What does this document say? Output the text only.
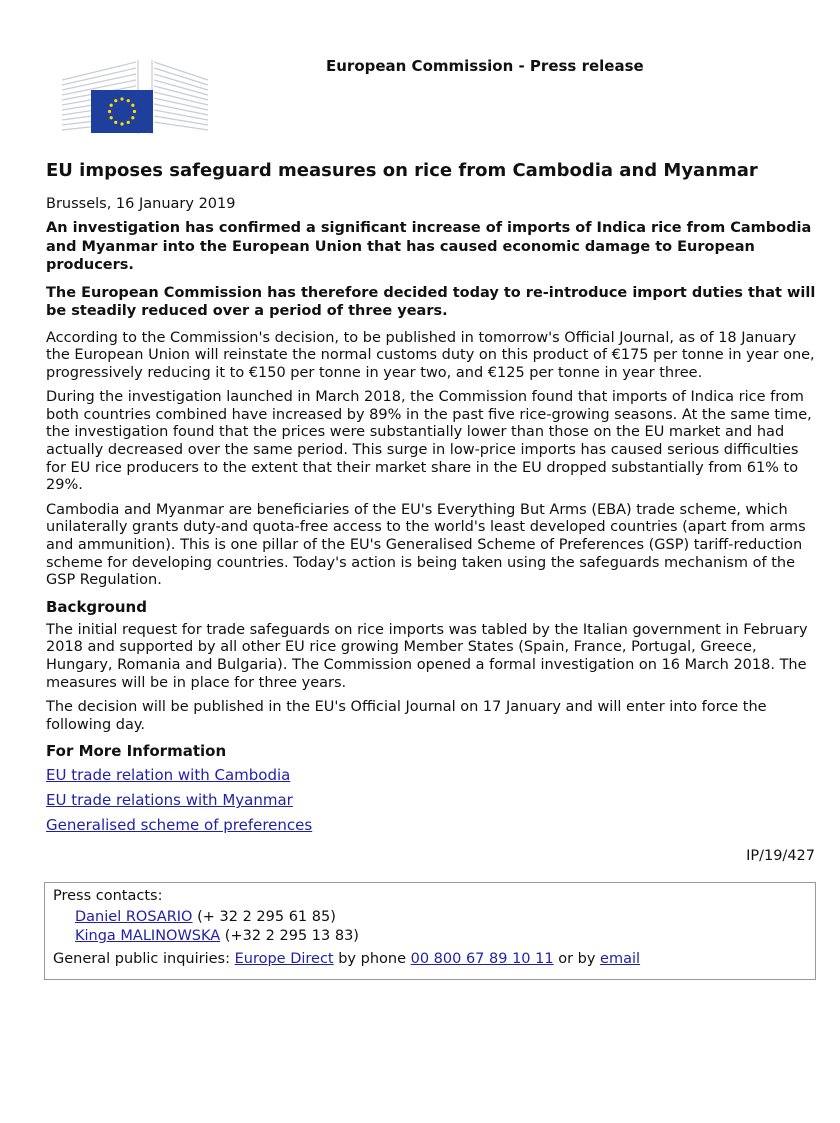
European Commission - Press release
EU imposes safeguard measures on rice from Cambodia and Myanmar

Brussels, 16 January 2019

An investigation has confirmed a significant increase of imports of Indica rice from Cambodia and Myanmar into the European Union that has caused economic damage to European producers.

The European Commission has therefore decided today to re-introduce import duties that will be steadily reduced over a period of three years.

According to the Commission's decision, to be published in tomorrow's Official Journal, as of 18 January the European Union will reinstate the normal customs duty on this product of €175 per tonne in year one, progressively reducing it to €150 per tonne in year two, and €125 per tonne in year three.

During the investigation launched in March 2018, the Commission found that imports of Indica rice from both countries combined have increased by 89% in the past five rice-growing seasons. At the same time, the investigation found that the prices were substantially lower than those on the EU market and had actually decreased over the same period. This surge in low-price imports has caused serious difficulties for EU rice producers to the extent that their market share in the EU dropped substantially from 61% to 29%.

Cambodia and Myanmar are beneficiaries of the EU's Everything But Arms (EBA) trade scheme, which unilaterally grants duty-and quota-free access to the world's least developed countries (apart from arms and ammunition). This is one pillar of the EU's Generalised Scheme of Preferences (GSP) tariff-reduction scheme for developing countries. Today's action is being taken using the safeguards mechanism of the GSP Regulation.

Background

The initial request for trade safeguards on rice imports was tabled by the Italian government in February 2018 and supported by all other EU rice growing Member States (Spain, France, Portugal, Greece, Hungary, Romania and Bulgaria). The Commission opened a formal investigation on 16 March 2018. The measures will be in place for three years.

The decision will be published in the EU's Official Journal on 17 January and will enter into force the following day.

For More Information

EU trade relation with Cambodia

EU trade relations with Myanmar

Generalised scheme of preferences

IP/19/427

Press contacts:

Daniel ROSARIO (+ 32 2 295 61 85)

Kinga MALINOWSKA (+32 2 295 13 83)

General public inquiries: Europe Direct by phone 00 800 67 89 10 11 or by email
